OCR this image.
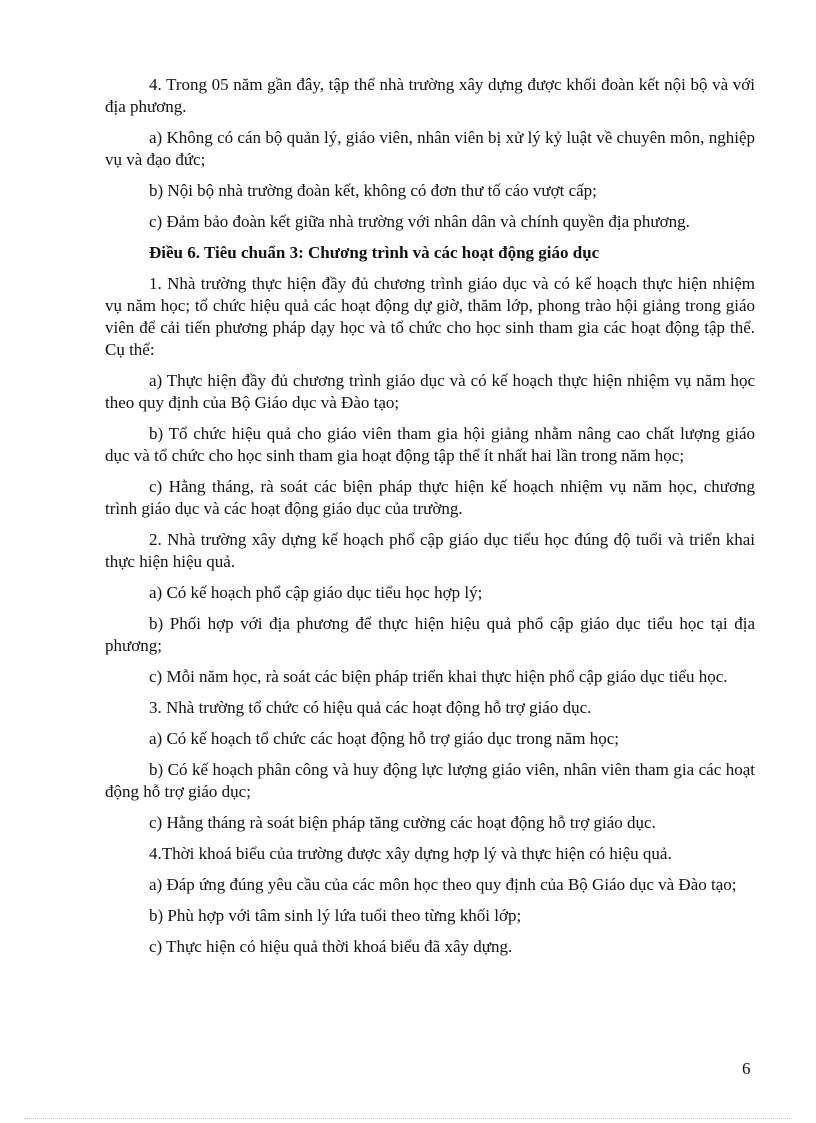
4. Trong 05 năm gần đây, tập thể nhà trường xây dựng được khối đoàn kết nội bộ và với địa phương.

a) Không có cán bộ quản lý, giáo viên, nhân viên bị xử lý kỷ luật về chuyên môn, nghiệp vụ và đạo đức;

b) Nội bộ nhà trường đoàn kết, không có đơn thư tố cáo vượt cấp;

c) Đảm bảo đoàn kết giữa nhà trường với nhân dân và chính quyền địa phương.

Điều 6. Tiêu chuẩn 3: Chương trình và các hoạt động giáo dục

1. Nhà trường thực hiện đầy đủ chương trình giáo dục và có kế hoạch thực hiện nhiệm vụ năm học; tổ chức hiệu quả các hoạt động dự giờ, thăm lớp, phong trào hội giảng trong giáo viên để cải tiến phương pháp dạy học và tổ chức cho học sinh tham gia các hoạt động tập thể. Cụ thể:

a) Thực hiện đầy đủ chương trình giáo dục và có kế hoạch thực hiện nhiệm vụ năm học theo quy định của Bộ Giáo dục và Đào tạo;

b) Tổ chức hiệu quả cho giáo viên tham gia hội giảng nhằm nâng cao chất lượng giáo dục và tổ chức cho học sinh tham gia hoạt động tập thể ít nhất hai lần trong năm học;

c) Hằng tháng, rà soát các biện pháp thực hiện kế hoạch nhiệm vụ năm học, chương trình giáo dục và các hoạt động giáo dục của trường.

2. Nhà trường xây dựng kế hoạch phổ cập giáo dục tiểu học đúng độ tuổi và triển khai thực hiện hiệu quả.

a) Có kế hoạch phổ cập giáo dục tiểu học hợp lý;

b) Phối hợp với địa phương để thực hiện hiệu quả phổ cập giáo dục tiểu học tại địa phương;

c) Mỗi năm học, rà soát các biện pháp triển khai thực hiện phổ cập giáo dục tiểu học.

3. Nhà trường tổ chức có hiệu quả các hoạt động hỗ trợ giáo dục.

a) Có kế hoạch tổ chức các hoạt động hỗ trợ giáo dục trong năm học;

b) Có kế hoạch phân công và huy động lực lượng giáo viên, nhân viên tham gia các hoạt động hỗ trợ giáo dục;

c) Hằng tháng rà soát biện pháp tăng cường các hoạt động hỗ trợ giáo dục.

4.Thời khoá biểu của trường được xây dựng hợp lý và thực hiện có hiệu quả.

a) Đáp ứng đúng yêu cầu của các môn học theo quy định của Bộ Giáo dục và Đào tạo;

b) Phù hợp với tâm sinh lý lứa tuổi theo từng khối lớp;

c) Thực hiện có hiệu quả thời khoá biểu đã xây dựng.

6
